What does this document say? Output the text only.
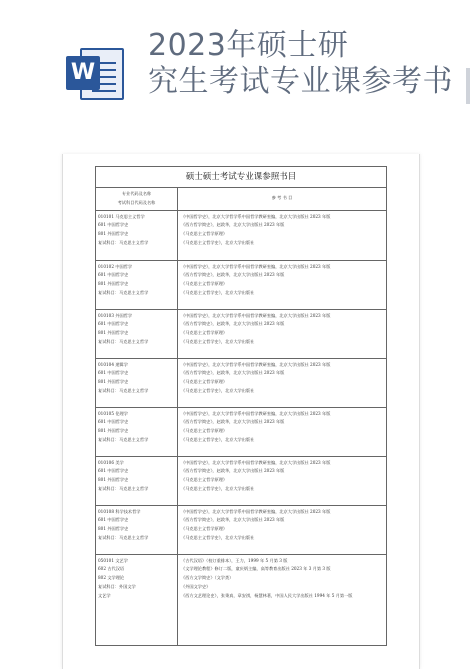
W
2023年硕士研
究生考试专业课参考书
硕士硕士考试专业课参照书目
专业代码及名称
考试科目代码及名称
参 考 书 目
010101 马克思主义哲学
601 中国哲学史
801 外国哲学史
复试科目：马克思主义哲学
《中国哲学史》，北京大学哲学系中国哲学教研室编，北京大学出版社 2023 年版
《西方哲学简史》，赵敦华，北京大学出版社 2023 年版
《马克思主义哲学原理》
《马克思主义哲学史》，北京大学出版社
010102 中国哲学
601 中国哲学史
801 外国哲学史
复试科目：马克思主义哲学
《中国哲学史》，北京大学哲学系中国哲学教研室编，北京大学出版社 2023 年版
《西方哲学简史》，赵敦华，北京大学出版社 2023 年版
《马克思主义哲学原理》
《马克思主义哲学史》，北京大学出版社
010103 外国哲学
601 中国哲学史
801 外国哲学史
复试科目：马克思主义哲学
《中国哲学史》，北京大学哲学系中国哲学教研室编，北京大学出版社 2023 年版
《西方哲学简史》，赵敦华，北京大学出版社 2023 年版
《马克思主义哲学原理》
《马克思主义哲学史》，北京大学出版社
010104 逻辑学
601 中国哲学史
801 外国哲学史
复试科目：马克思主义哲学
《中国哲学史》，北京大学哲学系中国哲学教研室编，北京大学出版社 2023 年版
《西方哲学简史》，赵敦华，北京大学出版社 2023 年版
《马克思主义哲学原理》
《马克思主义哲学史》，北京大学出版社
010105 伦理学
601 中国哲学史
801 外国哲学史
复试科目：马克思主义哲学
《中国哲学史》，北京大学哲学系中国哲学教研室编，北京大学出版社 2023 年版
《西方哲学简史》，赵敦华，北京大学出版社 2023 年版
《马克思主义哲学原理》
《马克思主义哲学史》，北京大学出版社
010106 美学
601 中国哲学史
801 外国哲学史
复试科目：马克思主义哲学
《中国哲学史》，北京大学哲学系中国哲学教研室编，北京大学出版社 2023 年版
《西方哲学简史》，赵敦华，北京大学出版社 2023 年版
《马克思主义哲学原理》
《马克思主义哲学史》，北京大学出版社
010108 科学技术哲学
601 中国哲学史
801 外国哲学史
复试科目：马克思主义哲学
《中国哲学史》，北京大学哲学系中国哲学教研室编，北京大学出版社 2023 年版
《西方哲学简史》，赵敦华，北京大学出版社 2023 年版
《马克思主义哲学原理》
《马克思主义哲学史》，北京大学出版社
050101 文艺学
602 古代汉语
802 文学理论
复试科目：外国文学
文艺学
《古代汉语》（校订重排本），王力，1999 年 5 月第 3 版
《文学理论教程》修订二版，童庆炳主编，高等教育出版社 2023 年 3 月第 3 版
《西方文学简史》（文学类）
《外国文学史》
《西方文艺理论史》，张秉真，章安祺，杨慧林著，中国人民大学出版社 1994 年 5 月第一版
